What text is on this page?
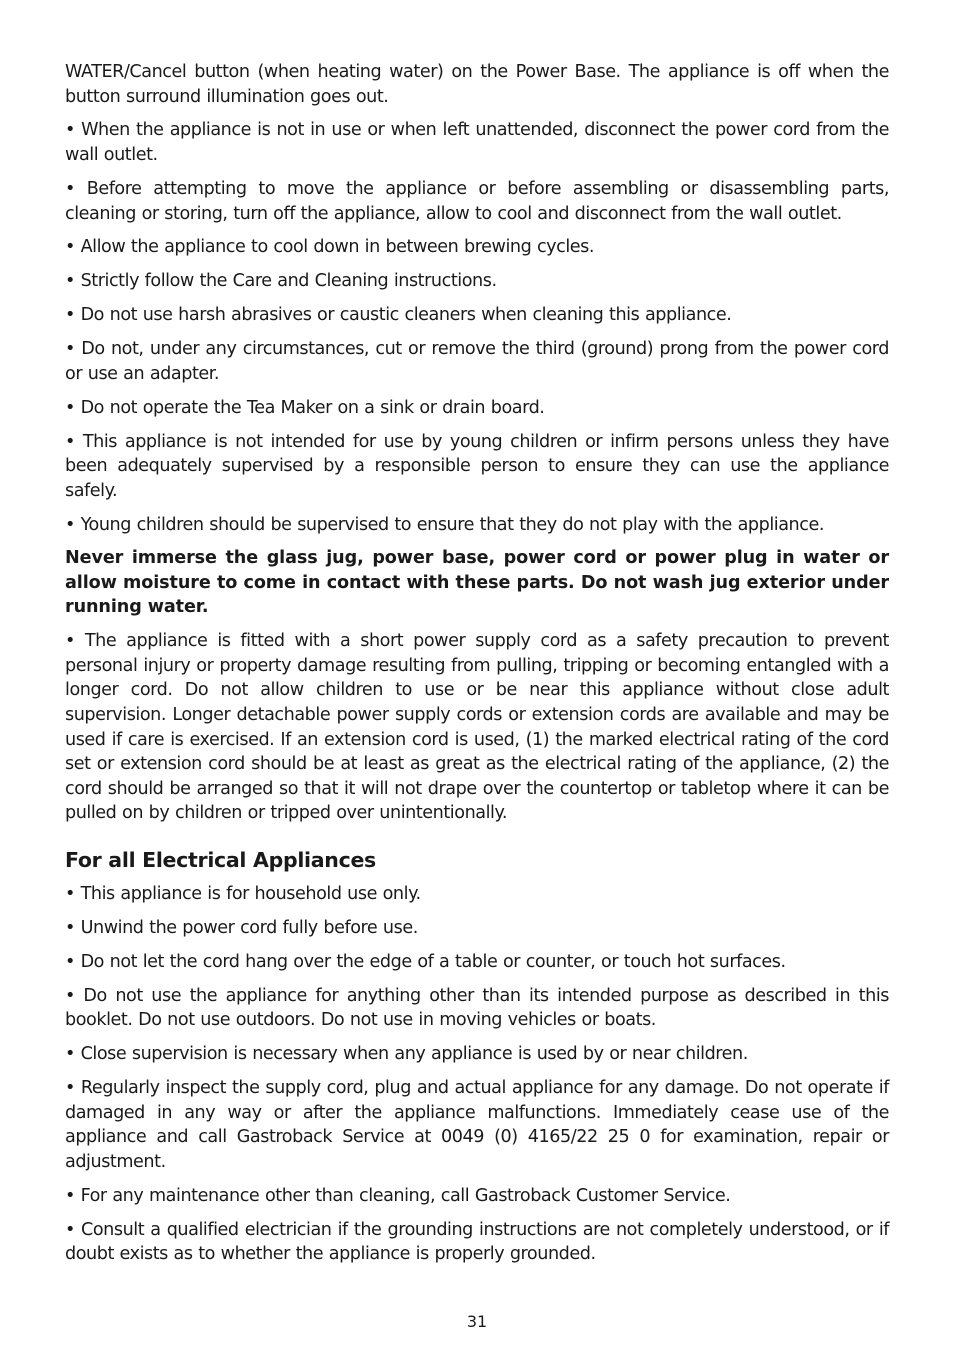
WATER/Cancel button (when heating water) on the Power Base. The appliance is off when the button surround illumination goes out.

• When the appliance is not in use or when left unattended, disconnect the power cord from the wall outlet.

• Before attempting to move the appliance or before assembling or disassembling parts, cleaning or storing, turn off the appliance, allow to cool and disconnect from the wall outlet.

• Allow the appliance to cool down in between brewing cycles.

• Strictly follow the Care and Cleaning instructions.

• Do not use harsh abrasives or caustic cleaners when cleaning this appliance.

• Do not, under any circumstances, cut or remove the third (ground) prong from the power cord or use an adapter.

• Do not operate the Tea Maker on a sink or drain board.

• This appliance is not intended for use by young children or infirm persons unless they have been adequately supervised by a responsible person to ensure they can use the appliance safely.

• Young children should be supervised to ensure that they do not play with the appliance.

Never immerse the glass jug, power base, power cord or power plug in water or allow moisture to come in contact with these parts. Do not wash jug exterior under running water.

• The appliance is fitted with a short power supply cord as a safety precaution to prevent personal injury or property damage resulting from pulling, tripping or becoming entangled with a longer cord. Do not allow children to use or be near this appliance without close adult supervision. Longer detachable power supply cords or extension cords are available and may be used if care is exercised. If an extension cord is used, (1) the marked electrical rating of the cord set or extension cord should be at least as great as the electrical rating of the appliance, (2) the cord should be arranged so that it will not drape over the countertop or tabletop where it can be pulled on by children or tripped over unintentionally.

For all Electrical Appliances

• This appliance is for household use only.

• Unwind the power cord fully before use.

• Do not let the cord hang over the edge of a table or counter, or touch hot surfaces.

• Do not use the appliance for anything other than its intended purpose as described in this booklet. Do not use outdoors. Do not use in moving vehicles or boats.

• Close supervision is necessary when any appliance is used by or near children.

• Regularly inspect the supply cord, plug and actual appliance for any damage. Do not operate if damaged in any way or after the appliance malfunctions. Immediately cease use of the appliance and call Gastroback Service at 0049 (0) 4165/22 25 0 for examination, repair or adjustment.

• For any maintenance other than cleaning, call Gastroback Customer Service.

• Consult a qualified electrician if the grounding instructions are not completely understood, or if doubt exists as to whether the appliance is properly grounded.

31
